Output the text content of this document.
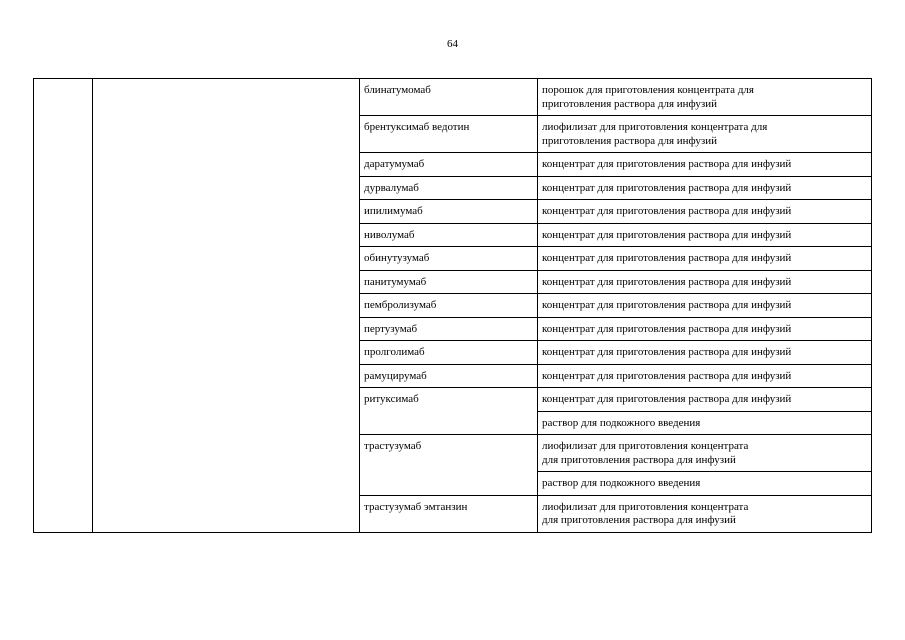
64
		блинатумомаб	порошок для приготовления концентрата для
приготовления раствора для инфузий

		брентуксимаб ведотин	лиофилизат для приготовления концентрата для
приготовления раствора для инфузий

		даратумумаб	концентрат для приготовления раствора для инфузий

		дурвалумаб	концентрат для приготовления раствора для инфузий

		ипилимумаб	концентрат для приготовления раствора для инфузий

		ниволумаб	концентрат для приготовления раствора для инфузий

		обинутузумаб	концентрат для приготовления раствора для инфузий

		панитумумаб	концентрат для приготовления раствора для инфузий

		пембролизумаб	концентрат для приготовления раствора для инфузий

		пертузумаб	концентрат для приготовления раствора для инфузий

		пролголимаб	концентрат для приготовления раствора для инфузий

		рамуцирумаб	концентрат для приготовления раствора для инфузий

		ритуксимаб	концентрат для приготовления раствора для инфузий

			раствор для подкожного введения

		трастузумаб	лиофилизат для приготовления концентрата
для приготовления раствора для инфузий

			раствор для подкожного введения

		трастузумаб эмтанзин	лиофилизат для приготовления концентрата
для приготовления раствора для инфузий
